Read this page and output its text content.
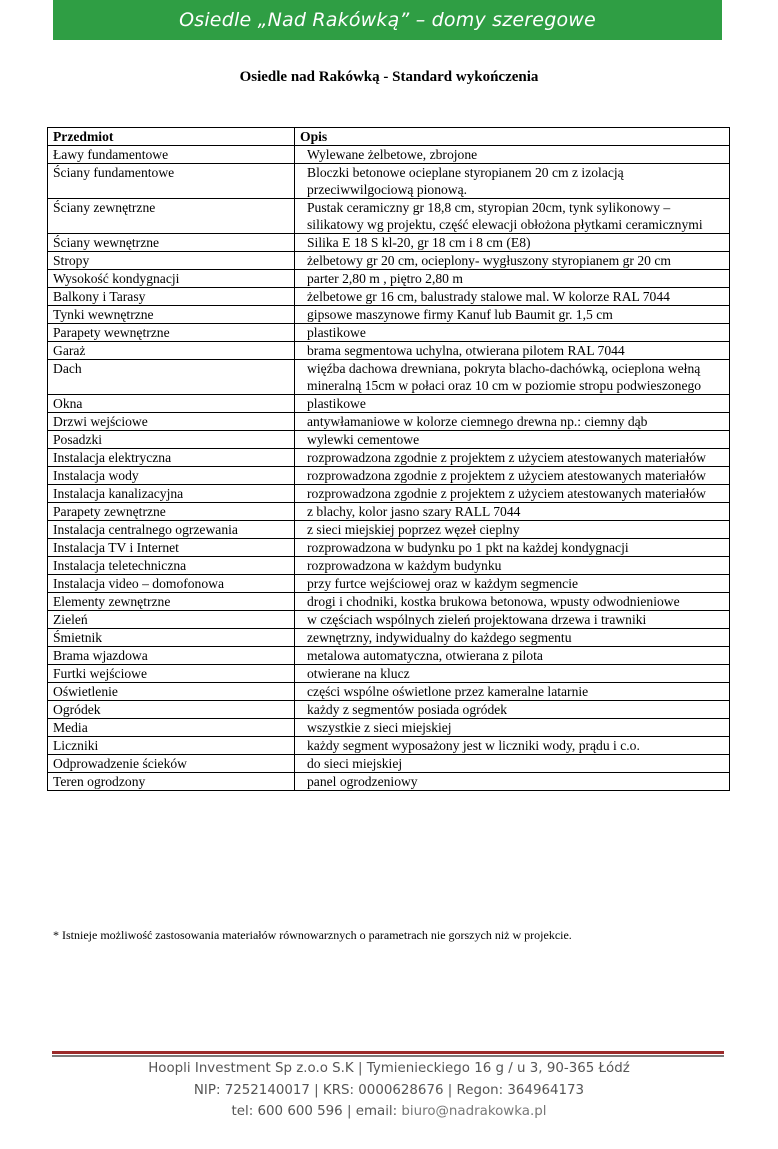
Osiedle „Nad Rakówką” – domy szeregowe
Osiedle nad Rakówką - Standard wykończenia
Przedmiot	Opis
Ławy fundamentowe	Wylewane żelbetowe, zbrojone
Ściany fundamentowe	Bloczki betonowe ocieplane styropianem 20 cm z izolacją przeciwwilgociową pionową.
Ściany zewnętrzne	Pustak ceramiczny gr 18,8 cm, styropian 20cm, tynk sylikonowy – silikatowy wg projektu, część elewacji obłożona płytkami ceramicznymi
Ściany wewnętrzne	Silika E 18 S kl-20, gr 18 cm i 8 cm (E8)
Stropy	żelbetowy gr 20 cm, ocieplony- wygłuszony styropianem gr 20 cm
Wysokość kondygnacji	parter 2,80 m , piętro 2,80 m
Balkony i Tarasy	żelbetowe gr 16 cm, balustrady stalowe mal. W kolorze RAL 7044
Tynki wewnętrzne	gipsowe maszynowe firmy Kanuf lub Baumit gr. 1,5 cm
Parapety wewnętrzne	plastikowe
Garaż	brama segmentowa uchylna, otwierana pilotem RAL 7044
Dach	więźba dachowa drewniana, pokryta blacho-dachówką, ocieplona wełną mineralną 15cm w połaci oraz 10 cm w poziomie stropu podwieszonego
Okna	plastikowe
Drzwi wejściowe	antywłamaniowe w kolorze ciemnego drewna np.: ciemny dąb
Posadzki	wylewki cementowe
Instalacja elektryczna	rozprowadzona zgodnie z projektem z użyciem atestowanych materiałów
Instalacja wody	rozprowadzona zgodnie z projektem z użyciem atestowanych materiałów
Instalacja kanalizacyjna	rozprowadzona zgodnie z projektem z użyciem atestowanych materiałów
Parapety zewnętrzne	z blachy, kolor jasno szary RALL 7044
Instalacja centralnego ogrzewania	z sieci miejskiej poprzez węzeł cieplny
Instalacja TV i Internet	rozprowadzona w budynku po 1 pkt na każdej kondygnacji
Instalacja teletechniczna	rozprowadzona w każdym budynku
Instalacja video – domofonowa	przy furtce wejściowej oraz w każdym segmencie
Elementy zewnętrzne	drogi i chodniki, kostka brukowa betonowa, wpusty odwodnieniowe
Zieleń	w częściach wspólnych zieleń projektowana drzewa i trawniki
Śmietnik	zewnętrzny, indywidualny do każdego segmentu
Brama wjazdowa	metalowa automatyczna, otwierana z pilota
Furtki wejściowe	otwierane na klucz
Oświetlenie	części wspólne oświetlone przez kameralne latarnie
Ogródek	każdy z segmentów posiada ogródek
Media	wszystkie z sieci miejskiej
Liczniki	każdy segment wyposażony jest w liczniki wody, prądu i c.o.
Odprowadzenie ścieków	do sieci miejskiej
Teren ogrodzony	panel ogrodzeniowy
* Istnieje możliwość zastosowania materiałów równowarznych o parametrach nie gorszych niż w projekcie.
Hoopli Investment Sp z.o.o S.K | Tymienieckiego 16 g / u 3, 90-365 Łódź
NIP: 7252140017 | KRS: 0000628676 | Regon: 364964173
tel: 600 600 596 | email: biuro@nadrakowka.pl
